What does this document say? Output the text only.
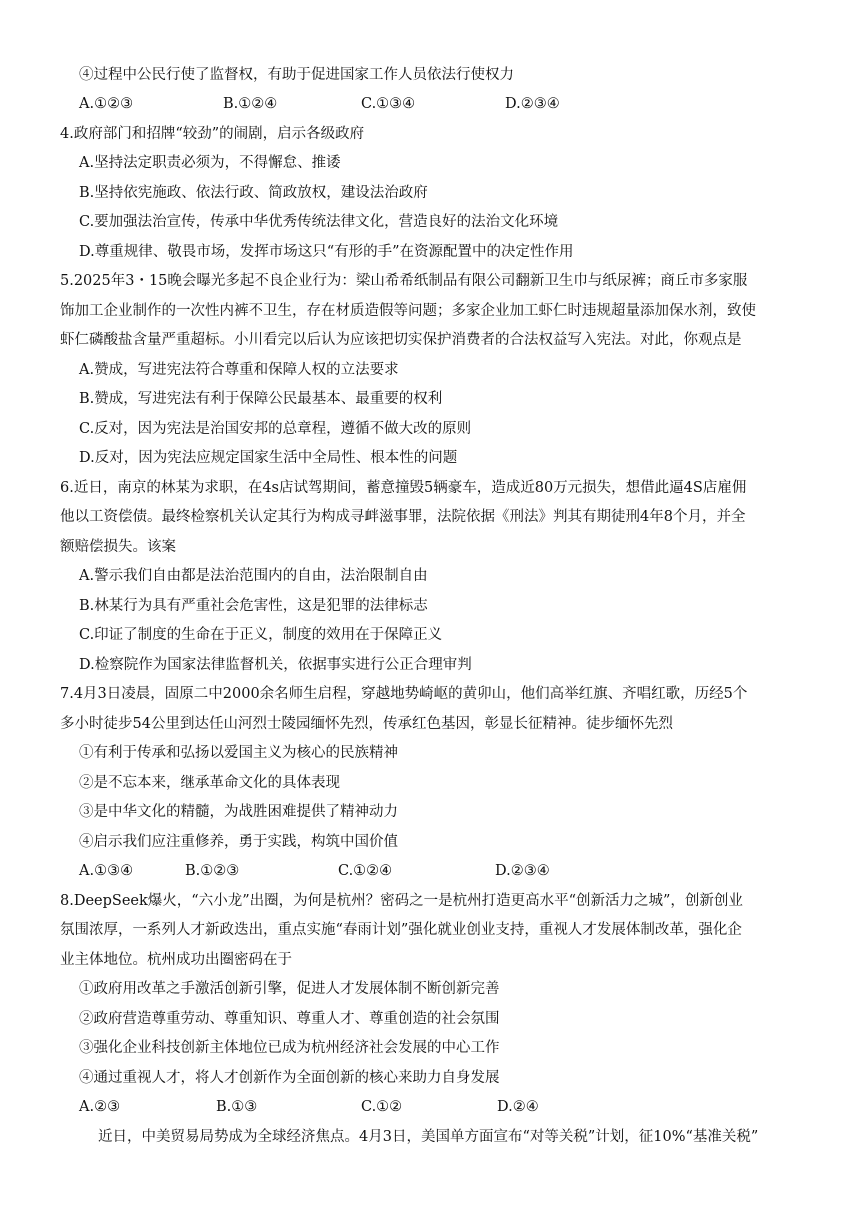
④过程中公民行使了监督权，有助于促进国家工作人员依法行使权力
A.①②③	B.①②④	C.①③④	D.②③④
4.政府部门和招牌“较劲”的闹剧，启示各级政府
A.坚持法定职责必须为，不得懈怠、推诿
B.坚持依宪施政、依法行政、简政放权，建设法治政府
C.要加强法治宣传，传承中华优秀传统法律文化，营造良好的法治文化环境
D.尊重规律、敬畏市场，发挥市场这只“有形的手”在资源配置中的决定性作用
5.2025年3・15晚会曝光多起不良企业行为：梁山希希纸制品有限公司翻新卫生巾与纸尿裤；商丘市多家服
饰加工企业制作的一次性内裤不卫生，存在材质造假等问题；多家企业加工虾仁时违规超量添加保水剂，致使
虾仁磷酸盐含量严重超标。小川看完以后认为应该把切实保护消费者的合法权益写入宪法。对此，你观点是
A.赞成，写进宪法符合尊重和保障人权的立法要求
B.赞成，写进宪法有利于保障公民最基本、最重要的权利
C.反对，因为宪法是治国安邦的总章程，遵循不做大改的原则
D.反对，因为宪法应规定国家生活中全局性、根本性的问题
6.近日，南京的林某为求职，在4s店试驾期间，蓄意撞毁5辆豪车，造成近80万元损失，想借此逼4S店雇佣
他以工资偿债。最终检察机关认定其行为构成寻衅滋事罪，法院依据《刑法》判其有期徒刑4年8个月，并全
额赔偿损失。该案
A.警示我们自由都是法治范围内的自由，法治限制自由
B.林某行为具有严重社会危害性，这是犯罪的法律标志
C.印证了制度的生命在于正义，制度的效用在于保障正义
D.检察院作为国家法律监督机关，依据事实进行公正合理审判
7.4月3日凌晨，固原二中2000余名师生启程，穿越地势崎岖的黄卯山，他们高举红旗、齐唱红歌，历经5个
多小时徒步54公里到达任山河烈士陵园缅怀先烈，传承红色基因，彰显长征精神。徒步缅怀先烈
①有利于传承和弘扬以爱国主义为核心的民族精神
②是不忘本来，继承革命文化的具体表现
③是中华文化的精髓，为战胜困难提供了精神动力
④启示我们应注重修养，勇于实践，构筑中国价值
A.①③④	B.①②③	C.①②④	D.②③④
8.DeepSeek爆火，“六小龙”出圈，为何是杭州？密码之一是杭州打造更高水平“创新活力之城”，创新创业
氛围浓厚，一系列人才新政迭出，重点实施“春雨计划”强化就业创业支持，重视人才发展体制改革，强化企
业主体地位。杭州成功出圈密码在于
①政府用改革之手激活创新引擎，促进人才发展体制不断创新完善
②政府营造尊重劳动、尊重知识、尊重人才、尊重创造的社会氛围
③强化企业科技创新主体地位已成为杭州经济社会发展的中心工作
④通过重视人才，将人才创新作为全面创新的核心来助力自身发展
A.②③	B.①③	C.①②	D.②④
近日，中美贸易局势成为全球经济焦点。4月3日，美国单方面宣布“对等关税”计划，征10%“基准关税”
